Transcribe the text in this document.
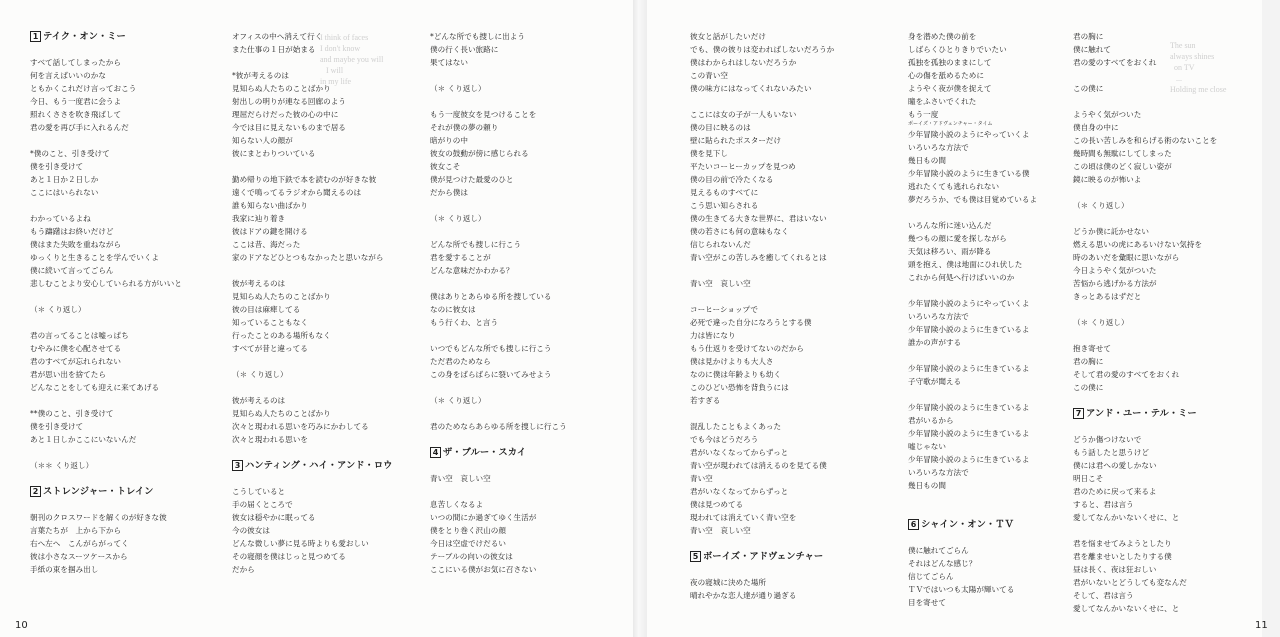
I think of faces
I don't know
and maybe you will
I will
in my life
The sun
always shines
on TV
...
Holding me close
1 テイク・オン・ミー
すべて話してしまったから
何を言えばいいのかな
ともかくこれだけ言っておこう
今日、もう一度君に会うよ
照れくささを吹き飛ばして
君の愛を再び手に入れるんだ
*僕のこと、引き受けて
僕を引き受けて
あと１日か２日しか
ここにはいられない
わかっているよね
もう躊躇はお終いだけど
僕はまた失敗を重ねながら
ゆっくりと生きることを学んでいくよ
僕に続いて言ってごらん
悲しむことより安心していられる方がいいと
（＊ くり返し）
君の言ってることは嘘っぱち
むやみに僕を心配させてる
君のすべてが忘れられない
君が思い出を捨てたら
どんなことをしても迎えに来てあげる
**僕のこと、引き受けて
僕を引き受けて
あと１日しかここにいないんだ
（＊＊ くり返し）
2 ストレンジャー・トレイン
朝刊のクロスワードを解くのが好きな彼
言葉たちが　上から下から
右へ左へ　こんがらがってく
彼は小さなスーツケースから
手紙の束を掴み出し
オフィスの中へ消えて行く
また仕事の１日が始まる
*彼が考えるのは
見知らぬ人たちのことばかり
射出しの明りが連なる回廊のよう
理屈だらけだった彼の心の中に
今では目に見えないものまで居る
知らない人の顔が
彼にまとわりついている
勤め帰りの地下鉄で本を読むのが好きな彼
遠くで鳴ってるラジオから聞えるのは
誰も知らない曲ばかり
我家に辿り着き
彼はドアの鍵を開ける
ここは昔、海だった
家のドアなどひとつもなかったと思いながら
彼が考えるのは
見知らぬ人たちのことばかり
彼の目は麻痺してる
知っていることもなく
行ったことのある場所もなく
すべてが昔と違ってる
（＊ くり返し）
彼が考えるのは
見知らぬ人たちのことばかり
次々と現われる思いを巧みにかわしてる
次々と現われる思いを
3 ハンティング・ハイ・アンド・ロウ
こうしていると
手の届くところで
彼女は穏やかに眠ってる
今の彼女は
どんな微しい夢に見る時よりも愛おしい
その寝顔を僕はじっと見つめてる
だから
*どんな所でも捜しに出よう
僕の行く長い旅路に
果てはない
（＊ くり返し）
もう一度彼女を見つけることを
それが僕の夢の頼り
暗がりの中
彼女の鼓動が傍に感じられる
彼女こそ
僕が見つけた最愛のひと
だから僕は
（＊ くり返し）
どんな所でも捜しに行こう
君を愛することが
どんな意味だかわかる？
僕はありとあらゆる所を捜している
なのに彼女は
もう行くわ、と言う
いつでもどんな所でも捜しに行こう
ただ君のためなら
この身をばらばらに裂いてみせよう
（＊ くり返し）
君のためならあらゆる所を捜しに行こう
4 ザ・ブルー・スカイ
青い空　哀しい空
息苦しくなるよ
いつの間にか過ぎてゆく生活が
僕をとり巻く沢山の顔
今日は空虚でけだるい
テーブルの向いの彼女は
ここにいる僕がお気に召さない
彼女と話がしたいだけ
でも、僕の彼りは変わればしないだろうか
僕はわかられはしないだろうか
この青い空
僕の味方にはなってくれないみたい
ここには女の子が一人もいない
僕の目に映るのは
壁に貼られたポスターだけ
僕を見下し
平たいコーヒーカップを見つめ
僕の目の前で冷たくなる
見えるものすべてに
こう思い知らされる
僕の生きてる大きな世界に、君はいない
僕の若さにも何の意味もなく
信じられないんだ
青い空がこの苦しみを癒してくれるとは
青い空　哀しい空
コーヒーショップで
必死で違った自分になろうとする僕
力は皆になり
もう仕返りを受けてないのだから
僕は見かけよりも大人さ
なのに僕は年齢よりも幼く
このひどい恐怖を背負うには
若すぎる
混乱したこともよくあった
でも今はどうだろう
君がいなくなってからずっと
青い空が現われては消えるのを見てる僕
青い空
君がいなくなってからずっと
僕は見つめてる
現われては消えていく青い空を
青い空　哀しい空
5 ボーイズ・アドヴェンチャー
夜の寝城に決めた場所
晴れやかな恋人達が通り過ぎる
身を潜めた僕の前を
しばらくひとりきりでいたい
孤独を孤独のままにして
心の傷を舐めるために
ようやく夜が僕を捉えて
瞳をふさいでくれた
もう一度
ボーイズ・アドヴェンチャー・タイム
少年冒険小説のようにやっていくよ
いろいろな方法で
幾日もの間
少年冒険小説のように生きている僕
逃れたくても逃れられない
夢だろうか、でも僕は目覚めているよ
いろんな所に迷い込んだ
幾つもの顔に愛を探しながら
天気は移ろい、雨が降る
頭を抱え、僕は地面にひれ伏した
これから何処へ行けばいいのか
少年冒険小説のようにやっていくよ
いろいろな方法で
少年冒険小説のように生きているよ
誰かの声がする
少年冒険小説のように生きているよ
子守歌が聞える
少年冒険小説のように生きているよ
君がいるから
少年冒険小説のように生きているよ
嘘じゃない
少年冒険小説のように生きているよ
いろいろな方法で
幾日もの間
6 シャイン・オン・ＴＶ
僕に触れてごらん
それはどんな感じ？
信じてごらん
ＴＶではいつも太陽が輝いてる
目を寄せて
君の胸に
僕に触れて
君の愛のすべてをおくれ
この僕に
ようやく気がついた
僕自身の中に
この長い苦しみを和らげる術のないことを
幾時間も無駄にしてしまった
この頃は僕のどく寂しい姿が
鏡に映るのが怖いよ
（＊ くり返し）
どうか僕に託かせない
燃える思いの虎にあるいけない気持を
時のあいだを彙眼に思いながら
今日ようやく気がついた
苦悩から逃げかる方法が
きっとあるはずだと
（＊ くり返し）
抱き寄せて
君の胸に
そして君の愛のすべてをおくれ
この僕に
7 アンド・ユー・テル・ミー
どうか傷つけないで
もう話したと思うけど
僕には君への愛しかない
明日こそ
君のために戻って来るよ
すると、君は言う
愛してなんかいないくせに、と
君を悩ませてみようとしたり
君を離ませいとしたりする僕
昼は長く、夜は狂おしい
君がいないとどうしても変なんだ
そして、君は言う
愛してなんかいないくせに、と
10	11
